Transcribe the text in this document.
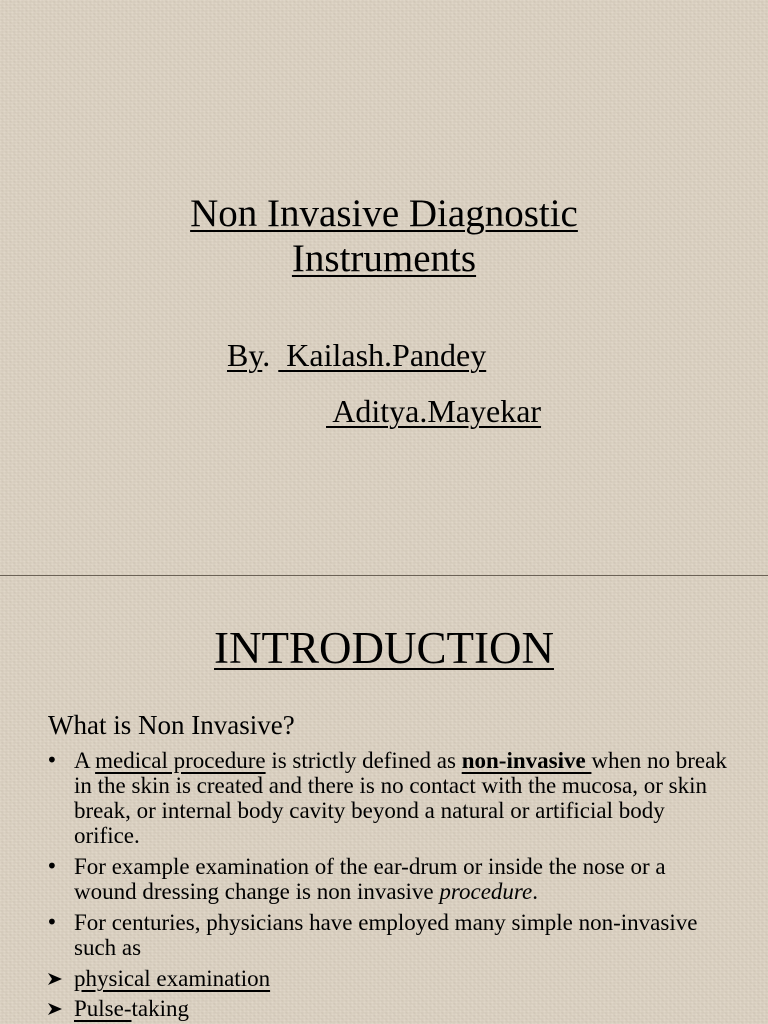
Non Invasive Diagnostic
Instruments
By.  Kailash.Pandey
Aditya.Mayekar
INTRODUCTION
What is Non Invasive?
• A medical procedure is strictly defined as non-invasive when no break in the skin is created and there is no contact with the mucosa, or skin break, or internal body cavity beyond a natural or artificial body orifice.
• For example examination of the ear-drum or inside the nose or a wound dressing change is non invasive procedure.
• For centuries, physicians have employed many simple non-invasive such as
physical examination
Pulse-taking
